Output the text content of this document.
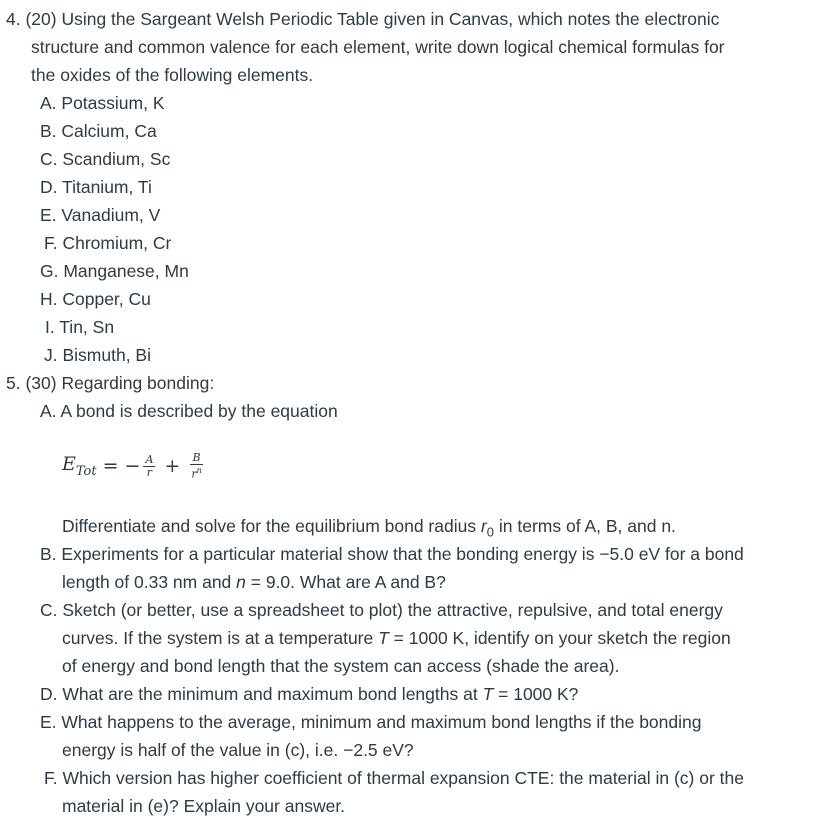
4. (20) Using the Sargeant Welsh Periodic Table given in Canvas, which notes the electronic
structure and common valence for each element, write down logical chemical formulas for
the oxides of the following elements.
A. Potassium, K
B. Calcium, Ca
C. Scandium, Sc
D. Titanium, Ti
E. Vanadium, V
F. Chromium, Cr
G. Manganese, Mn
H. Copper, Cu
I. Tin, Sn
J. Bismuth, Bi
5. (30) Regarding bonding:
A. A bond is described by the equation
$E_{Tot}$ = − $\frac{A}{r} + \frac{B}{r^n}$
Differentiate and solve for the equilibrium bond radius $r_0$ in terms of A, B, and n.
B. Experiments for a particular material show that the bonding energy is −5.0 eV for a bond
length of 0.33 nm and n = 9.0. What are A and B?
C. Sketch (or better, use a spreadsheet to plot) the attractive, repulsive, and total energy
curves. If the system is at a temperature T = 1000 K, identify on your sketch the region
of energy and bond length that the system can access (shade the area).
D. What are the minimum and maximum bond lengths at T = 1000 K?
E. What happens to the average, minimum and maximum bond lengths if the bonding
energy is half of the value in (c), i.e. −2.5 eV?
F. Which version has higher coefficient of thermal expansion CTE: the material in (c) or the
material in (e)? Explain your answer.
